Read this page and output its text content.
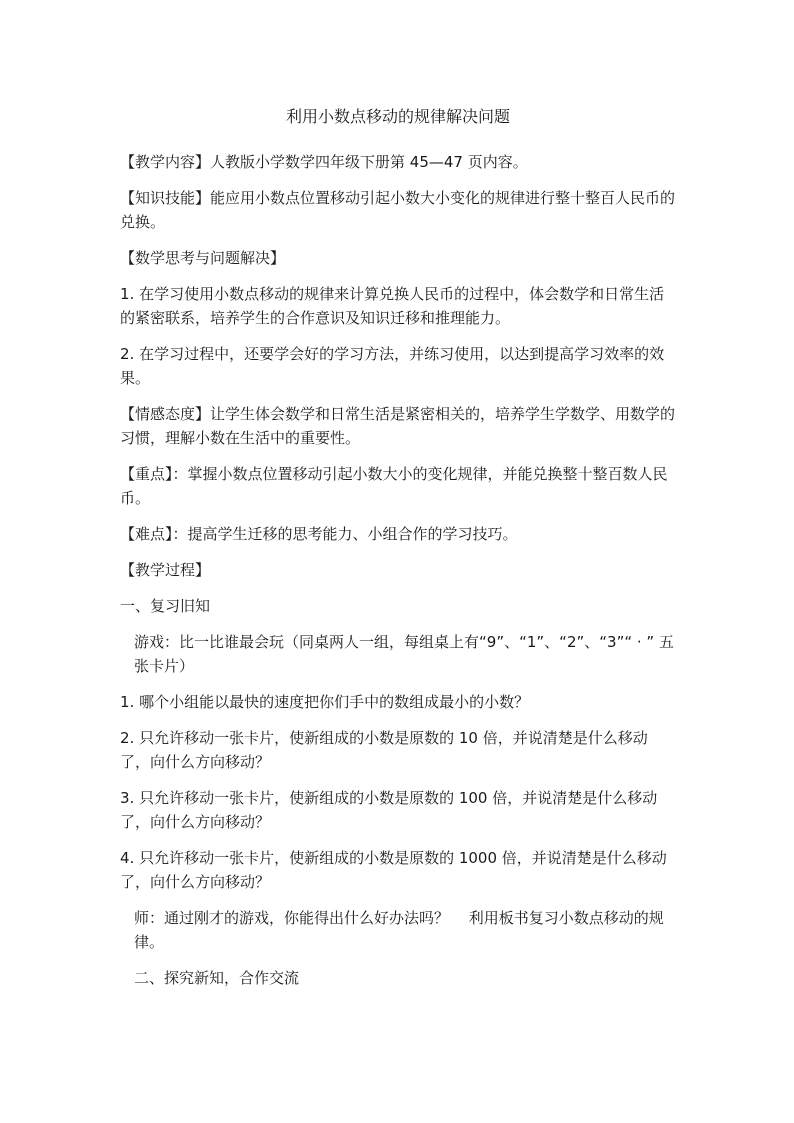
利用小数点移动的规律解决问题

【教学内容】人教版小学数学四年级下册第 45—47 页内容。

【知识技能】能应用小数点位置移动引起小数大小变化的规律进行整十整百人民币的兑换。

【数学思考与问题解决】

1. 在学习使用小数点移动的规律来计算兑换人民币的过程中，体会数学和日常生活的紧密联系，培养学生的合作意识及知识迁移和推理能力。

2. 在学习过程中，还要学会好的学习方法，并练习使用，以达到提高学习效率的效果。

【情感态度】让学生体会数学和日常生活是紧密相关的，培养学生学数学、用数学的习惯，理解小数在生活中的重要性。

【重点】：掌握小数点位置移动引起小数大小的变化规律，并能兑换整十整百数人民币。

【难点】：提高学生迁移的思考能力、小组合作的学习技巧。

【教学过程】

一、复习旧知

游戏：比一比谁最会玩（同桌两人一组，每组桌上有“9”、“1”、“2”、“3”“ · ” 五张卡片）

1. 哪个小组能以最快的速度把你们手中的数组成最小的小数？

2. 只允许移动一张卡片，使新组成的小数是原数的 10 倍，并说清楚是什么移动了，向什么方向移动？

3. 只允许移动一张卡片，使新组成的小数是原数的 100 倍，并说清楚是什么移动了，向什么方向移动？

4. 只允许移动一张卡片，使新组成的小数是原数的 1000 倍，并说清楚是什么移动了，向什么方向移动？

师：通过刚才的游戏，你能得出什么好办法吗？　 利用板书复习小数点移动的规律。

二、探究新知，合作交流
